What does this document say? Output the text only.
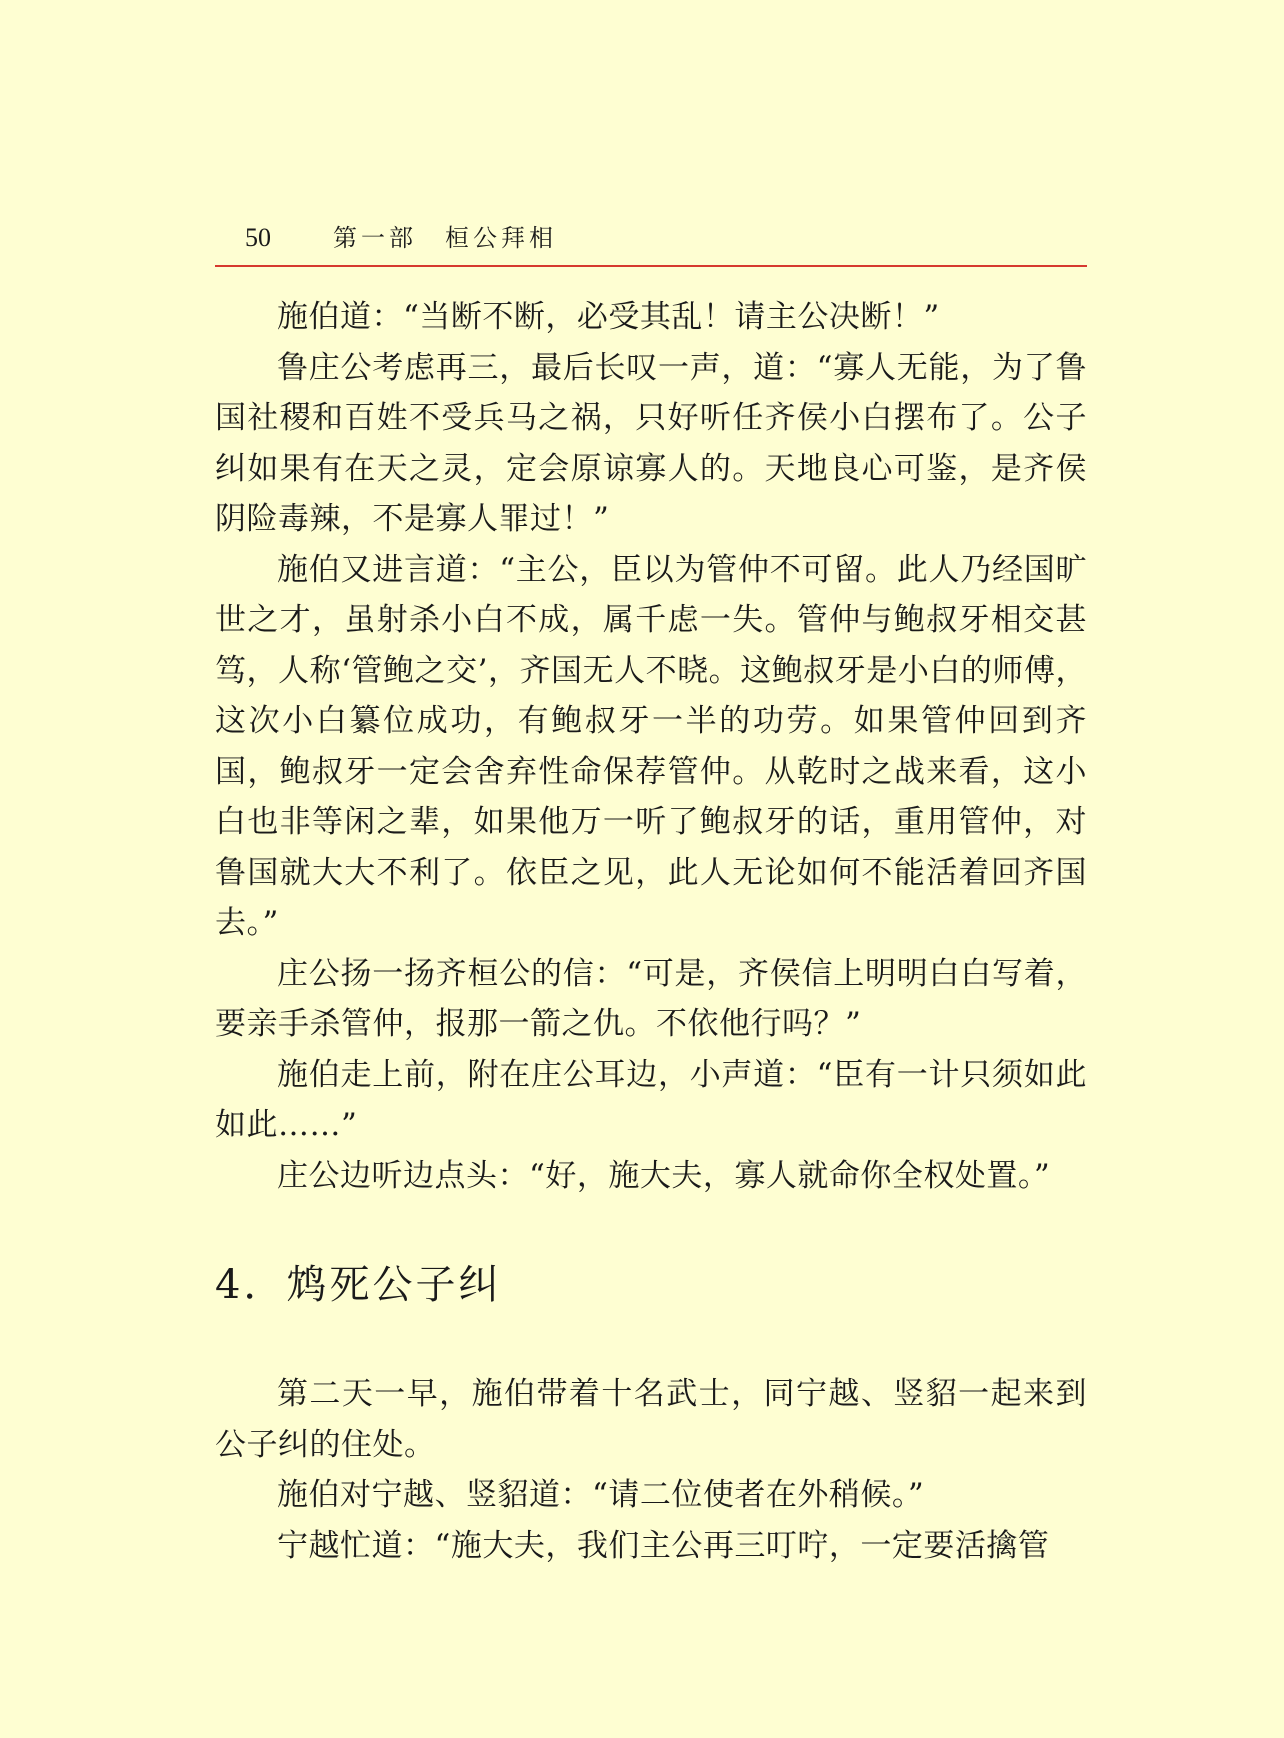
50	第一部　桓公拜相

施伯道：“当断不断，必受其乱！请主公决断！”

鲁庄公考虑再三，最后长叹一声，道：“寡人无能，为了鲁国社稷和百姓不受兵马之祸，只好听任齐侯小白摆布了。公子纠如果有在天之灵，定会原谅寡人的。天地良心可鉴，是齐侯阴险毒辣，不是寡人罪过！”

施伯又进言道：“主公，臣以为管仲不可留。此人乃经国旷世之才，虽射杀小白不成，属千虑一失。管仲与鲍叔牙相交甚笃，人称‘管鲍之交’，齐国无人不晓。这鲍叔牙是小白的师傅，这次小白纂位成功，有鲍叔牙一半的功劳。如果管仲回到齐国，鲍叔牙一定会舍弃性命保荐管仲。从乾时之战来看，这小白也非等闲之辈，如果他万一听了鲍叔牙的话，重用管仲，对鲁国就大大不利了。依臣之见，此人无论如何不能活着回齐国去。”

庄公扬一扬齐桓公的信：“可是，齐侯信上明明白白写着，要亲手杀管仲，报那一箭之仇。不依他行吗？”

施伯走上前，附在庄公耳边，小声道：“臣有一计只须如此如此……”

庄公边听边点头：“好，施大夫，寡人就命你全权处置。”

4．鸩死公子纠

第二天一早，施伯带着十名武士，同宁越、竖貂一起来到公子纠的住处。

施伯对宁越、竖貂道：“请二位使者在外稍候。”

宁越忙道：“施大夫，我们主公再三叮咛，一定要活擒管
